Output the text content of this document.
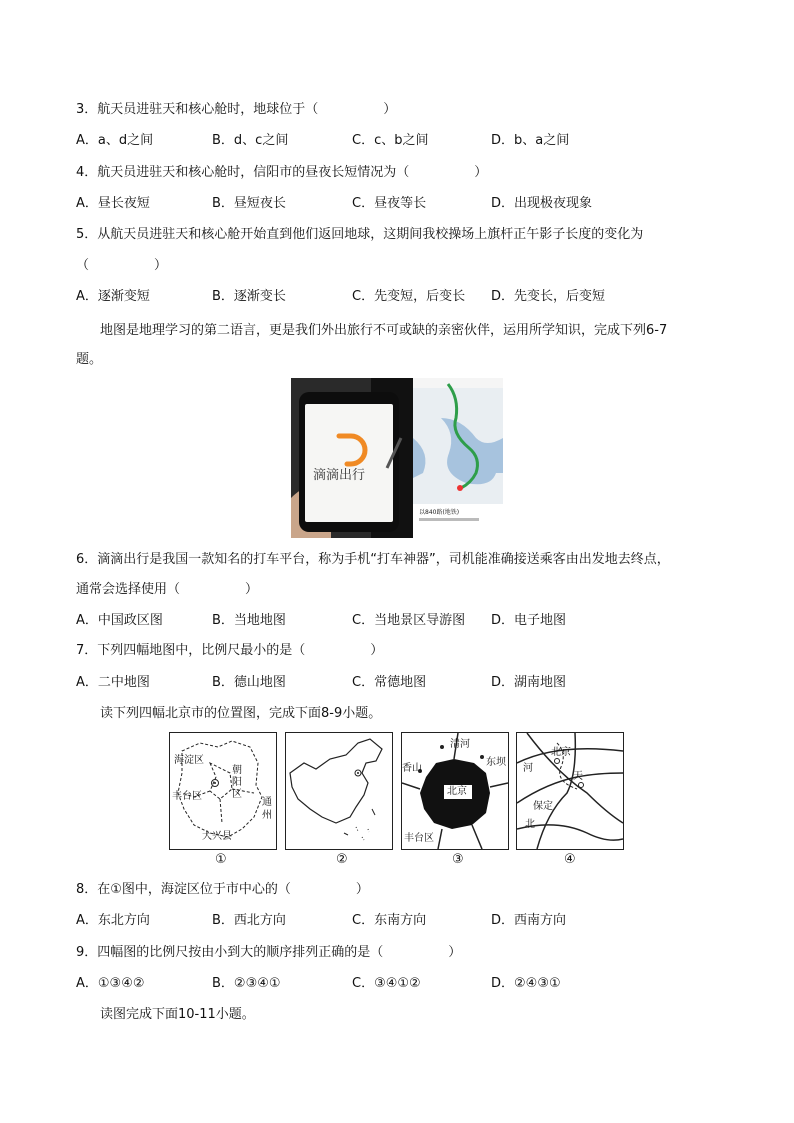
3．航天员进驻天和核心舱时，地球位于（　　　　　）
A．a、d之间	B．d、c之间	C．c、b之间	D．b、a之间
4．航天员进驻天和核心舱时，信阳市的昼夜长短情况为（　　　　　）
A．昼长夜短	B．昼短夜长	C．昼夜等长	D．出现极夜现象
5．从航天员进驻天和核心舱开始直到他们返回地球，这期间我校操场上旗杆正午影子长度的变化为
（　　　　　）
A．逐渐变短	B．逐渐变长	C．先变短，后变长 D．先变长，后变短
地图是地理学习的第二语言，更是我们外出旅行不可或缺的亲密伙伴，运用所学知识，完成下列6-7
题。
滴滴出行
以840路(地铁)
6．滴滴出行是我国一款知名的打车平台，称为手机“打车神器”，司机能准确接送乘客由出发地去终点，
通常会选择使用（　　　　　）
A．中国政区图	B．当地地图	C．当地景区导游图 D．电子地图
7．下列四幅地图中，比例尺最小的是（　　　　　）
A．二中地图	B．德山地图	C．常德地图	D．湖南地图
读下列四幅北京市的位置图，完成下面8-9小题。
海淀区
朝
阳
区
丰台区
通
州
大兴县
①	②
清河
东坝
香山
北京
丰台区
③
北京
天
河
保定
北
④
8．在①图中，海淀区位于市中心的（　　　　　）
A．东北方向	B．西北方向	C．东南方向	D．西南方向
9．四幅图的比例尺按由小到大的顺序排列正确的是（　　　　　）
A．①③④②	B．②③④①	C．③④①②	D．②④③①
读图完成下面10-11小题。
